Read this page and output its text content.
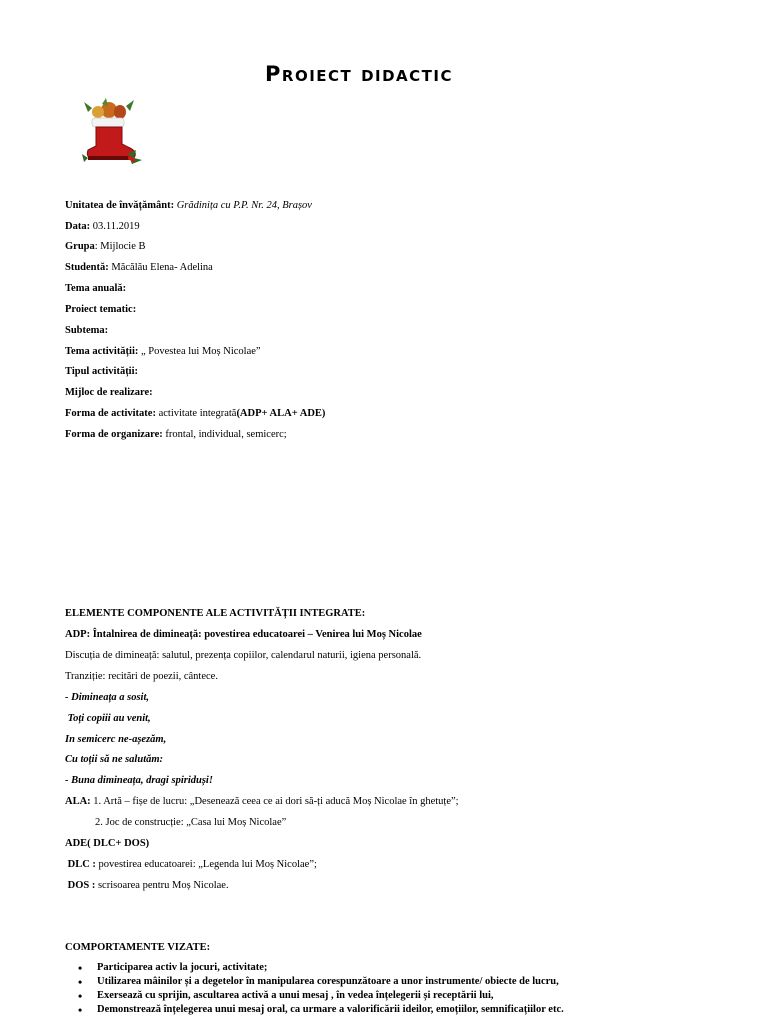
Proiect didactic
Unitatea de învățământ: Grădinița cu P.P. Nr. 24, Brașov
Data: 03.11.2019
Grupa: Mijlocie B
Studentă: Măcălău Elena- Adelina
Tema anuală:
Proiect tematic:
Subtema:
Tema activității: „ Povestea lui Moș Nicolae”
Tipul activității:
Mijloc de realizare:
Forma de activitate: activitate integrată(ADP+ ALA+ ADE)
Forma de organizare: frontal, individual, semicerc;
ELEMENTE COMPONENTE ALE ACTIVITĂȚII INTEGRATE:
ADP: Întalnirea de dimineață: povestirea educatoarei – Venirea lui Moș Nicolae
Discuția de dimineață: salutul, prezența copiilor, calendarul naturii, igiena personală.
Tranziție: recitări de poezii, cântece.
- Dimineața a sosit,
Toți copiii au venit,
In semicerc ne-așezăm,
Cu toții să ne salutăm:
- Buna dimineața, dragi spiriduși!
ALA: 1. Artă – fișe de lucru: „Desenează ceea ce ai dori să-ți aducă Moș Nicolae în ghetuțe”;
2. Joc de construcție: „Casa lui Moș Nicolae”
ADE( DLC+ DOS)
DLC : povestirea educatoarei: „Legenda lui Moș Nicolae”;
DOS : scrisoarea pentru Moș Nicolae.
COMPORTAMENTE VIZATE:
• Participarea activ la jocuri, activitate;
• Utilizarea mâinilor și a degetelor în manipularea corespunzătoare a unor instrumente/ obiecte de lucru,
• Exersează cu sprijin, ascultarea activă a unui mesaj , în vedea înțelegerii și receptării lui,
• Demonstrează înțelegerea unui mesaj oral, ca urmare a valorificării ideilor, emoțiilor, semnificațiilor etc.
